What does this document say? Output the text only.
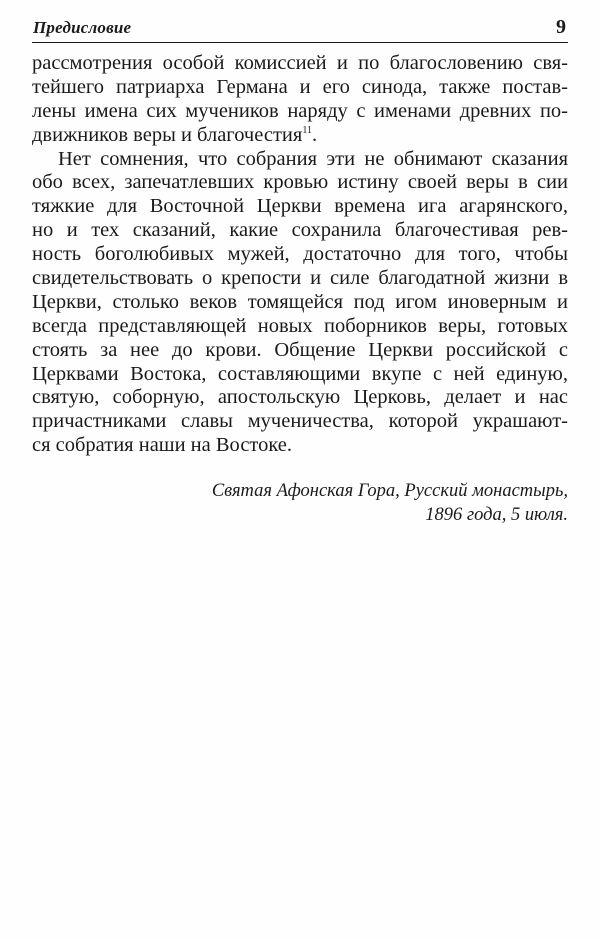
Предисловие	9
рассмотрения особой комиссией и по благословению свя-
тейшего патриарха Германа и его синода, также постав-
лены имена сих мучеников наряду с именами древних по-
движников веры и благочестия$^{11}$.
Нет сомнения, что собрания эти не обнимают сказания
обо всех, запечатлевших кровью истину своей веры в сии
тяжкие для Восточной Церкви времена ига агарянского,
но и тех сказаний, какие сохранила благочестивая рев-
ность боголюбивых мужей, достаточно для того, чтобы
свидетельствовать о крепости и силе благодатной жизни в
Церкви, столько веков томящейся под игом иноверным и
всегда представляющей новых поборников веры, готовых
стоять за нее до крови. Общение Церкви российской с
Церквами Востока, составляющими вкупе с ней единую,
святую, соборную, апостольскую Церковь, делает и нас
причастниками славы мученичества, которой украшают-
ся собратия наши на Востоке.
Святая Афонская Гора, Русский монастырь,
1896 года, 5 июля.
